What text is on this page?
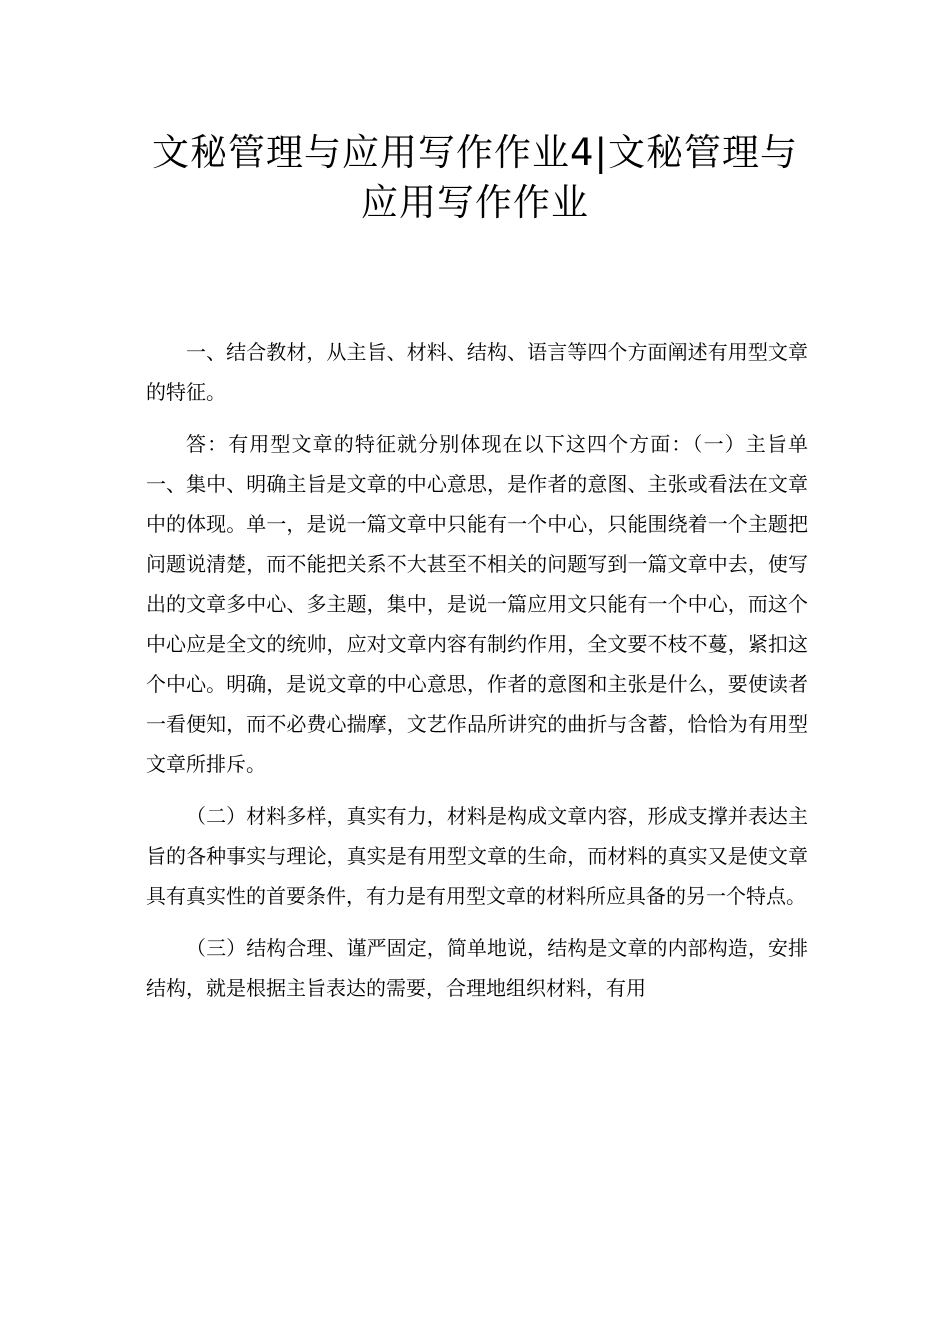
文秘管理与应用写作作业4|文秘管理与应用写作作业

一、结合教材，从主旨、材料、结构、语言等四个方面阐述有用型文章的特征。

答：有用型文章的特征就分别体现在以下这四个方面：（一）主旨单一、集中、明确主旨是文章的中心意思，是作者的意图、主张或看法在文章中的体现。单一，是说一篇文章中只能有一个中心，只能围绕着一个主题把问题说清楚，而不能把关系不大甚至不相关的问题写到一篇文章中去，使写出的文章多中心、多主题，集中，是说一篇应用文只能有一个中心，而这个中心应是全文的统帅，应对文章内容有制约作用，全文要不枝不蔓，紧扣这个中心。明确，是说文章的中心意思，作者的意图和主张是什么，要使读者一看便知，而不必费心揣摩，文艺作品所讲究的曲折与含蓄，恰恰为有用型文章所排斥。

（二）材料多样，真实有力，材料是构成文章内容，形成支撑并表达主旨的各种事实与理论，真实是有用型文章的生命，而材料的真实又是使文章具有真实性的首要条件，有力是有用型文章的材料所应具备的另一个特点。

（三）结构合理、谨严固定，简单地说，结构是文章的内部构造，安排结构，就是根据主旨表达的需要，合理地组织材料，有用
